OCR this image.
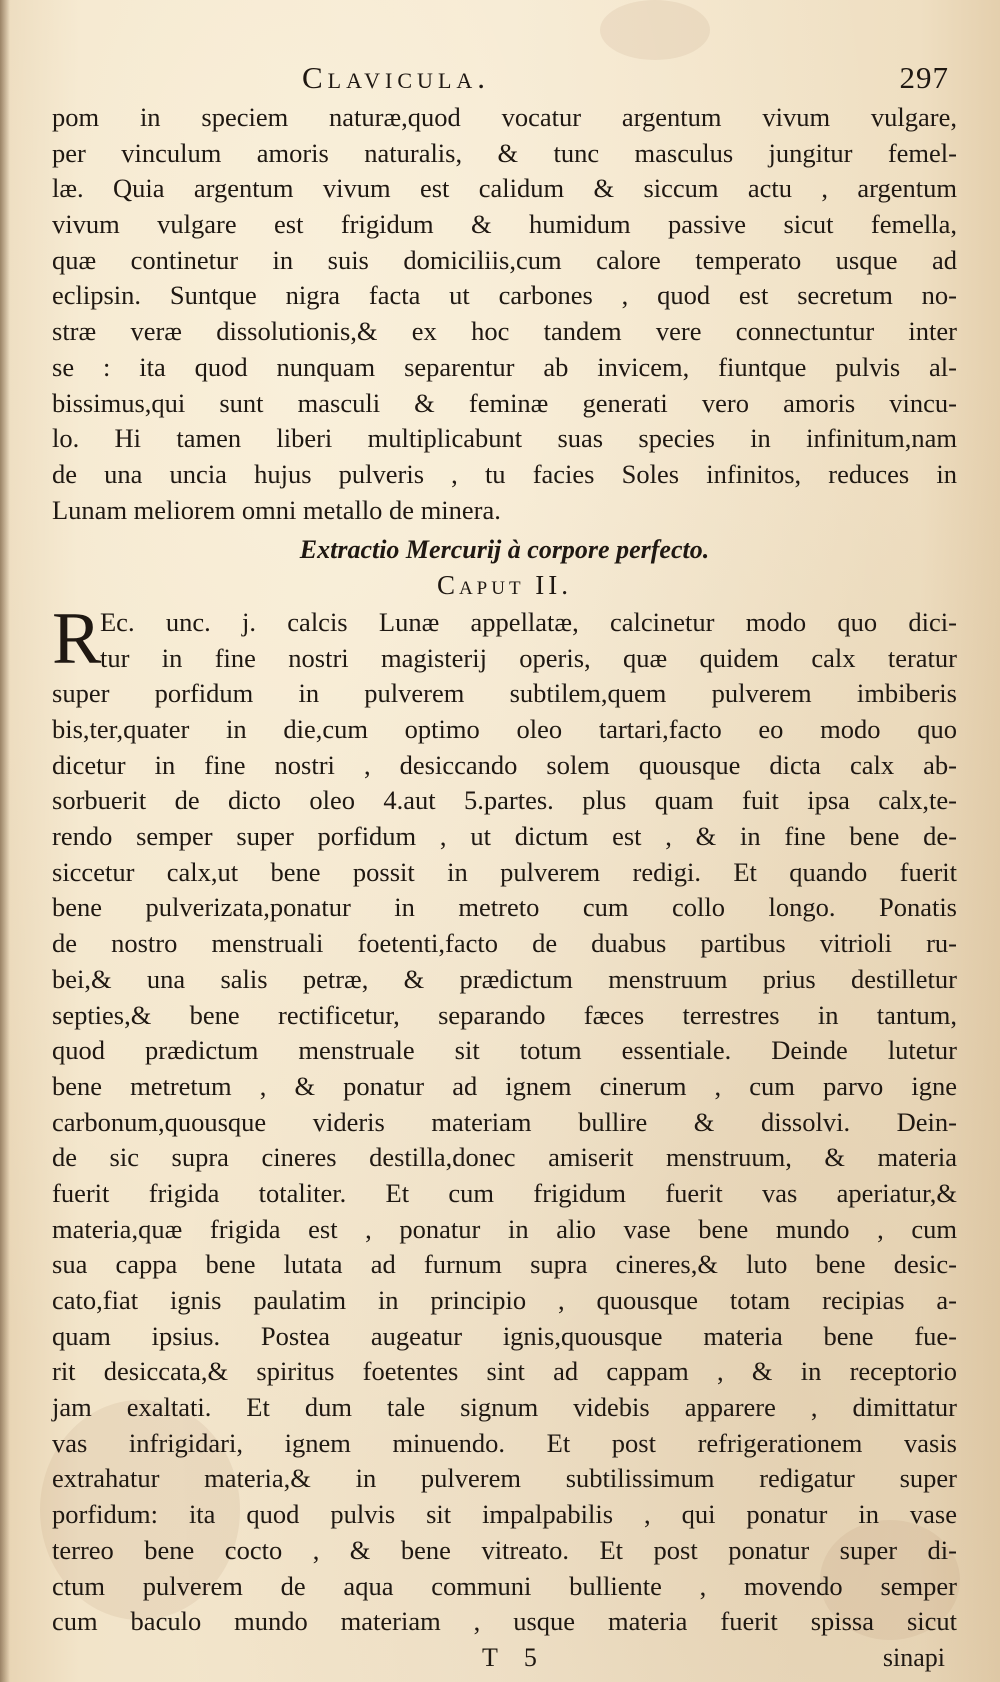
Clavicula.	297
pom in speciem naturæ,quod vocatur argentum vivum vulgare,
per vinculum amoris naturalis, & tunc masculus jungitur femel-
læ. Quia argentum vivum est calidum & siccum actu , argentum
vivum vulgare est frigidum & humidum passive sicut femella,
quæ continetur in suis domiciliis,cum calore temperato usque ad
eclipsin. Suntque nigra facta ut carbones , quod est secretum no-
stræ veræ dissolutionis,& ex hoc tandem vere connectuntur inter
se : ita quod nunquam separentur ab invicem, fiuntque pulvis al-
bissimus,qui sunt masculi & feminæ generati vero amoris vincu-
lo. Hi tamen liberi multiplicabunt suas species in infinitum,nam
de una uncia hujus pulveris , tu facies Soles infinitos, reduces in
Lunam meliorem omni metallo de minera.
Extractio Mercurij à corpore perfecto.
Caput II.
R
Ec. unc. j. calcis Lunæ appellatæ, calcinetur modo quo dici-
tur in fine nostri magisterij operis, quæ quidem calx teratur
super porfidum in pulverem subtilem,quem pulverem imbiberis
bis,ter,quater in die,cum optimo oleo tartari,facto eo modo quo
dicetur in fine nostri , desiccando solem quousque dicta calx ab-
sorbuerit de dicto oleo 4.aut 5.partes. plus quam fuit ipsa calx,te-
rendo semper super porfidum , ut dictum est , & in fine bene de-
siccetur calx,ut bene possit in pulverem redigi. Et quando fuerit
bene pulverizata,ponatur in metreto cum collo longo. Ponatis
de nostro menstruali foetenti,facto de duabus partibus vitrioli ru-
bei,& una salis petræ, & prædictum menstruum prius destilletur
septies,& bene rectificetur, separando fæces terrestres in tantum,
quod prædictum menstruale sit totum essentiale. Deinde lutetur
bene metretum , & ponatur ad ignem cinerum , cum parvo igne
carbonum,quousque videris materiam bullire & dissolvi. Dein-
de sic supra cineres destilla,donec amiserit menstruum, & materia
fuerit frigida totaliter. Et cum frigidum fuerit vas aperiatur,&
materia,quæ frigida est , ponatur in alio vase bene mundo , cum
sua cappa bene lutata ad furnum supra cineres,& luto bene desic-
cato,fiat ignis paulatim in principio , quousque totam recipias a-
quam ipsius. Postea augeatur ignis,quousque materia bene fue-
rit desiccata,& spiritus foetentes sint ad cappam , & in receptorio
jam exaltati. Et dum tale signum videbis apparere , dimittatur
vas infrigidari, ignem minuendo. Et post refrigerationem vasis
extrahatur materia,& in pulverem subtilissimum redigatur super
porfidum: ita quod pulvis sit impalpabilis , qui ponatur in vase
terreo bene cocto , & bene vitreato. Et post ponatur super di-
ctum pulverem de aqua communi bulliente , movendo semper
cum baculo mundo materiam , usque materia fuerit spissa sicut
T 5	sinapi
